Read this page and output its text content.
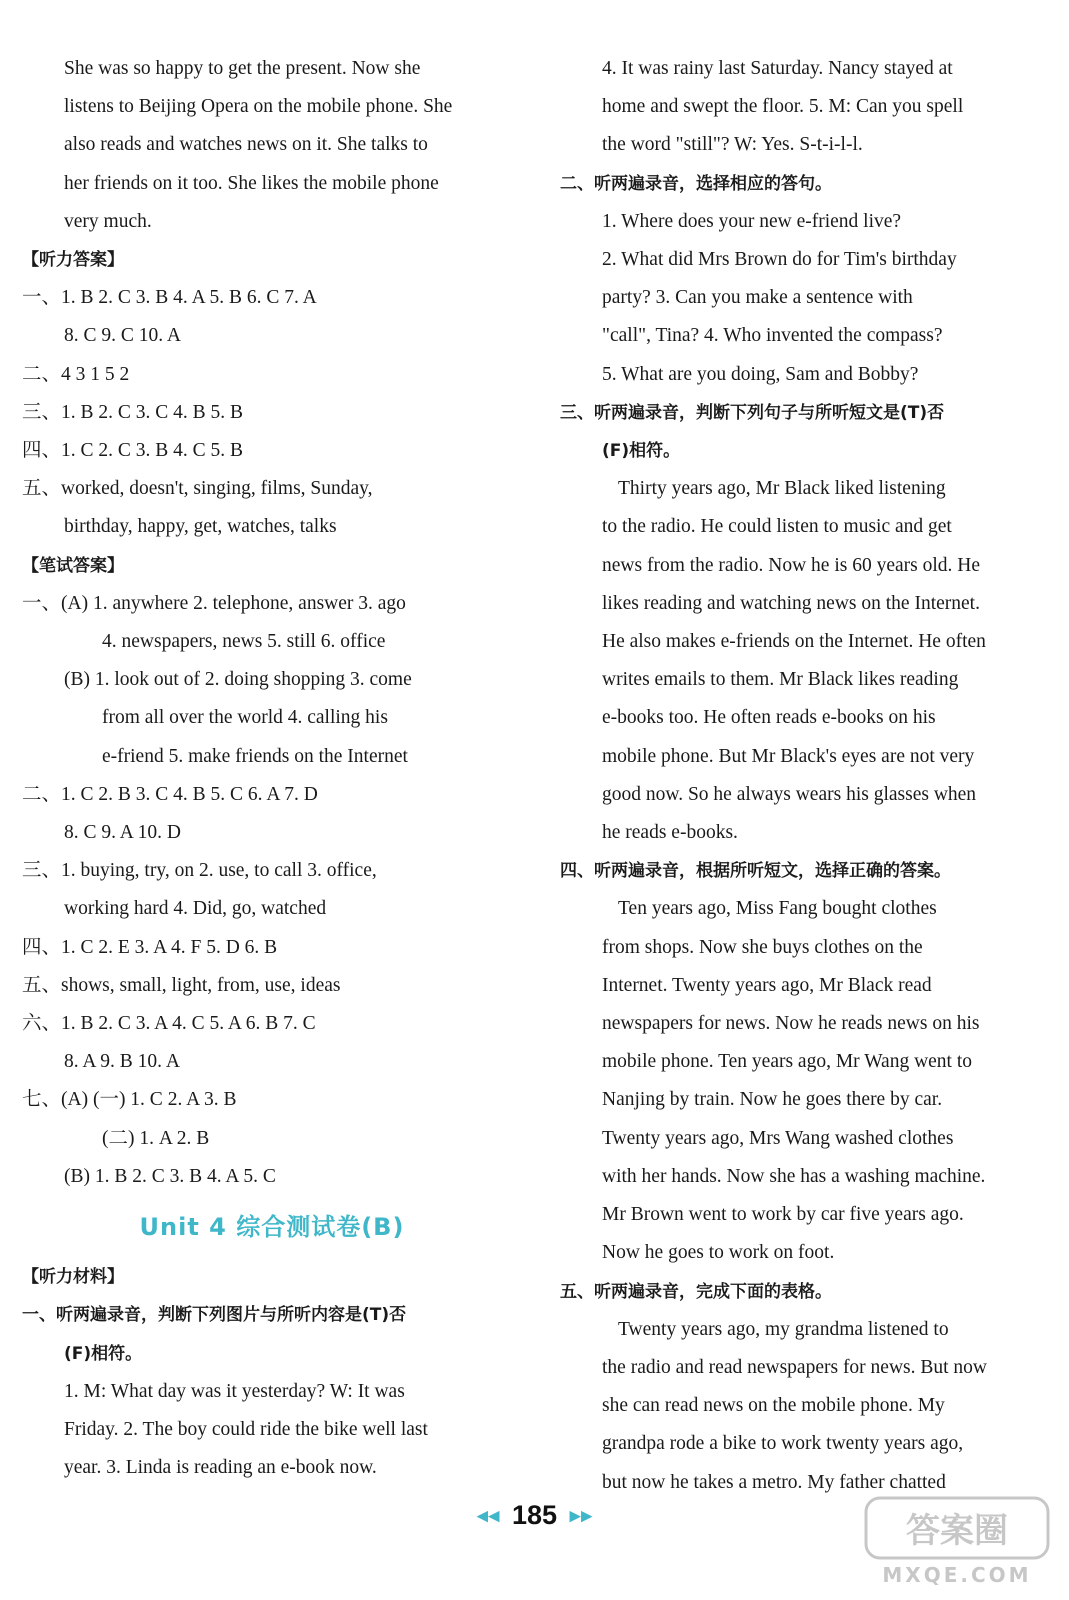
She was so happy to get the present. Now she
listens to Beijing Opera on the mobile phone. She
also reads and watches news on it. She talks to
her friends on it too. She likes the mobile phone
very much.
【听力答案】
一、1. B 2. C 3. B 4. A 5. B 6. C 7. A
8. C 9. C 10. A
二、4 3 1 5 2
三、1. B 2. C 3. C 4. B 5. B
四、1. C 2. C 3. B 4. C 5. B
五、worked, doesn't, singing, films, Sunday,
birthday, happy, get, watches, talks
【笔试答案】
一、(A) 1. anywhere 2. telephone, answer 3. ago
4. newspapers, news 5. still 6. office
(B) 1. look out of 2. doing shopping 3. come
from all over the world 4. calling his
e-friend 5. make friends on the Internet
二、1. C 2. B 3. C 4. B 5. C 6. A 7. D
8. C 9. A 10. D
三、1. buying, try, on 2. use, to call 3. office,
working hard 4. Did, go, watched
四、1. C 2. E 3. A 4. F 5. D 6. B
五、shows, small, light, from, use, ideas
六、1. B 2. C 3. A 4. C 5. A 6. B 7. C
8. A 9. B 10. A
七、(A) (一) 1. C 2. A 3. B
(二) 1. A 2. B
(B) 1. B 2. C 3. B 4. A 5. C
Unit 4 综合测试卷(B)
【听力材料】
一、听两遍录音，判断下列图片与所听内容是(T)否
(F)相符。
1. M: What day was it yesterday? W: It was
Friday. 2. The boy could ride the bike well last
year. 3. Linda is reading an e-book now.
4. It was rainy last Saturday. Nancy stayed at
home and swept the floor. 5. M: Can you spell
the word "still"? W: Yes. S-t-i-l-l.
二、听两遍录音，选择相应的答句。
1. Where does your new e-friend live?
2. What did Mrs Brown do for Tim's birthday
party? 3. Can you make a sentence with
"call", Tina? 4. Who invented the compass?
5. What are you doing, Sam and Bobby?
三、听两遍录音，判断下列句子与所听短文是(T)否
(F)相符。
Thirty years ago, Mr Black liked listening
to the radio. He could listen to music and get
news from the radio. Now he is 60 years old. He
likes reading and watching news on the Internet.
He also makes e-friends on the Internet. He often
writes emails to them. Mr Black likes reading
e-books too. He often reads e-books on his
mobile phone. But Mr Black's eyes are not very
good now. So he always wears his glasses when
he reads e-books.
四、听两遍录音，根据所听短文，选择正确的答案。
Ten years ago, Miss Fang bought clothes
from shops. Now she buys clothes on the
Internet. Twenty years ago, Mr Black read
newspapers for news. Now he reads news on his
mobile phone. Ten years ago, Mr Wang went to
Nanjing by train. Now he goes there by car.
Twenty years ago, Mrs Wang washed clothes
with her hands. Now she has a washing machine.
Mr Brown went to work by car five years ago.
Now he goes to work on foot.
五、听两遍录音，完成下面的表格。
Twenty years ago, my grandma listened to
the radio and read newspapers for news. But now
she can read news on the mobile phone. My
grandpa rode a bike to work twenty years ago,
but now he takes a metro. My father chatted
◀◀ 185 ▶▶	答案圈
MXQE.COM
